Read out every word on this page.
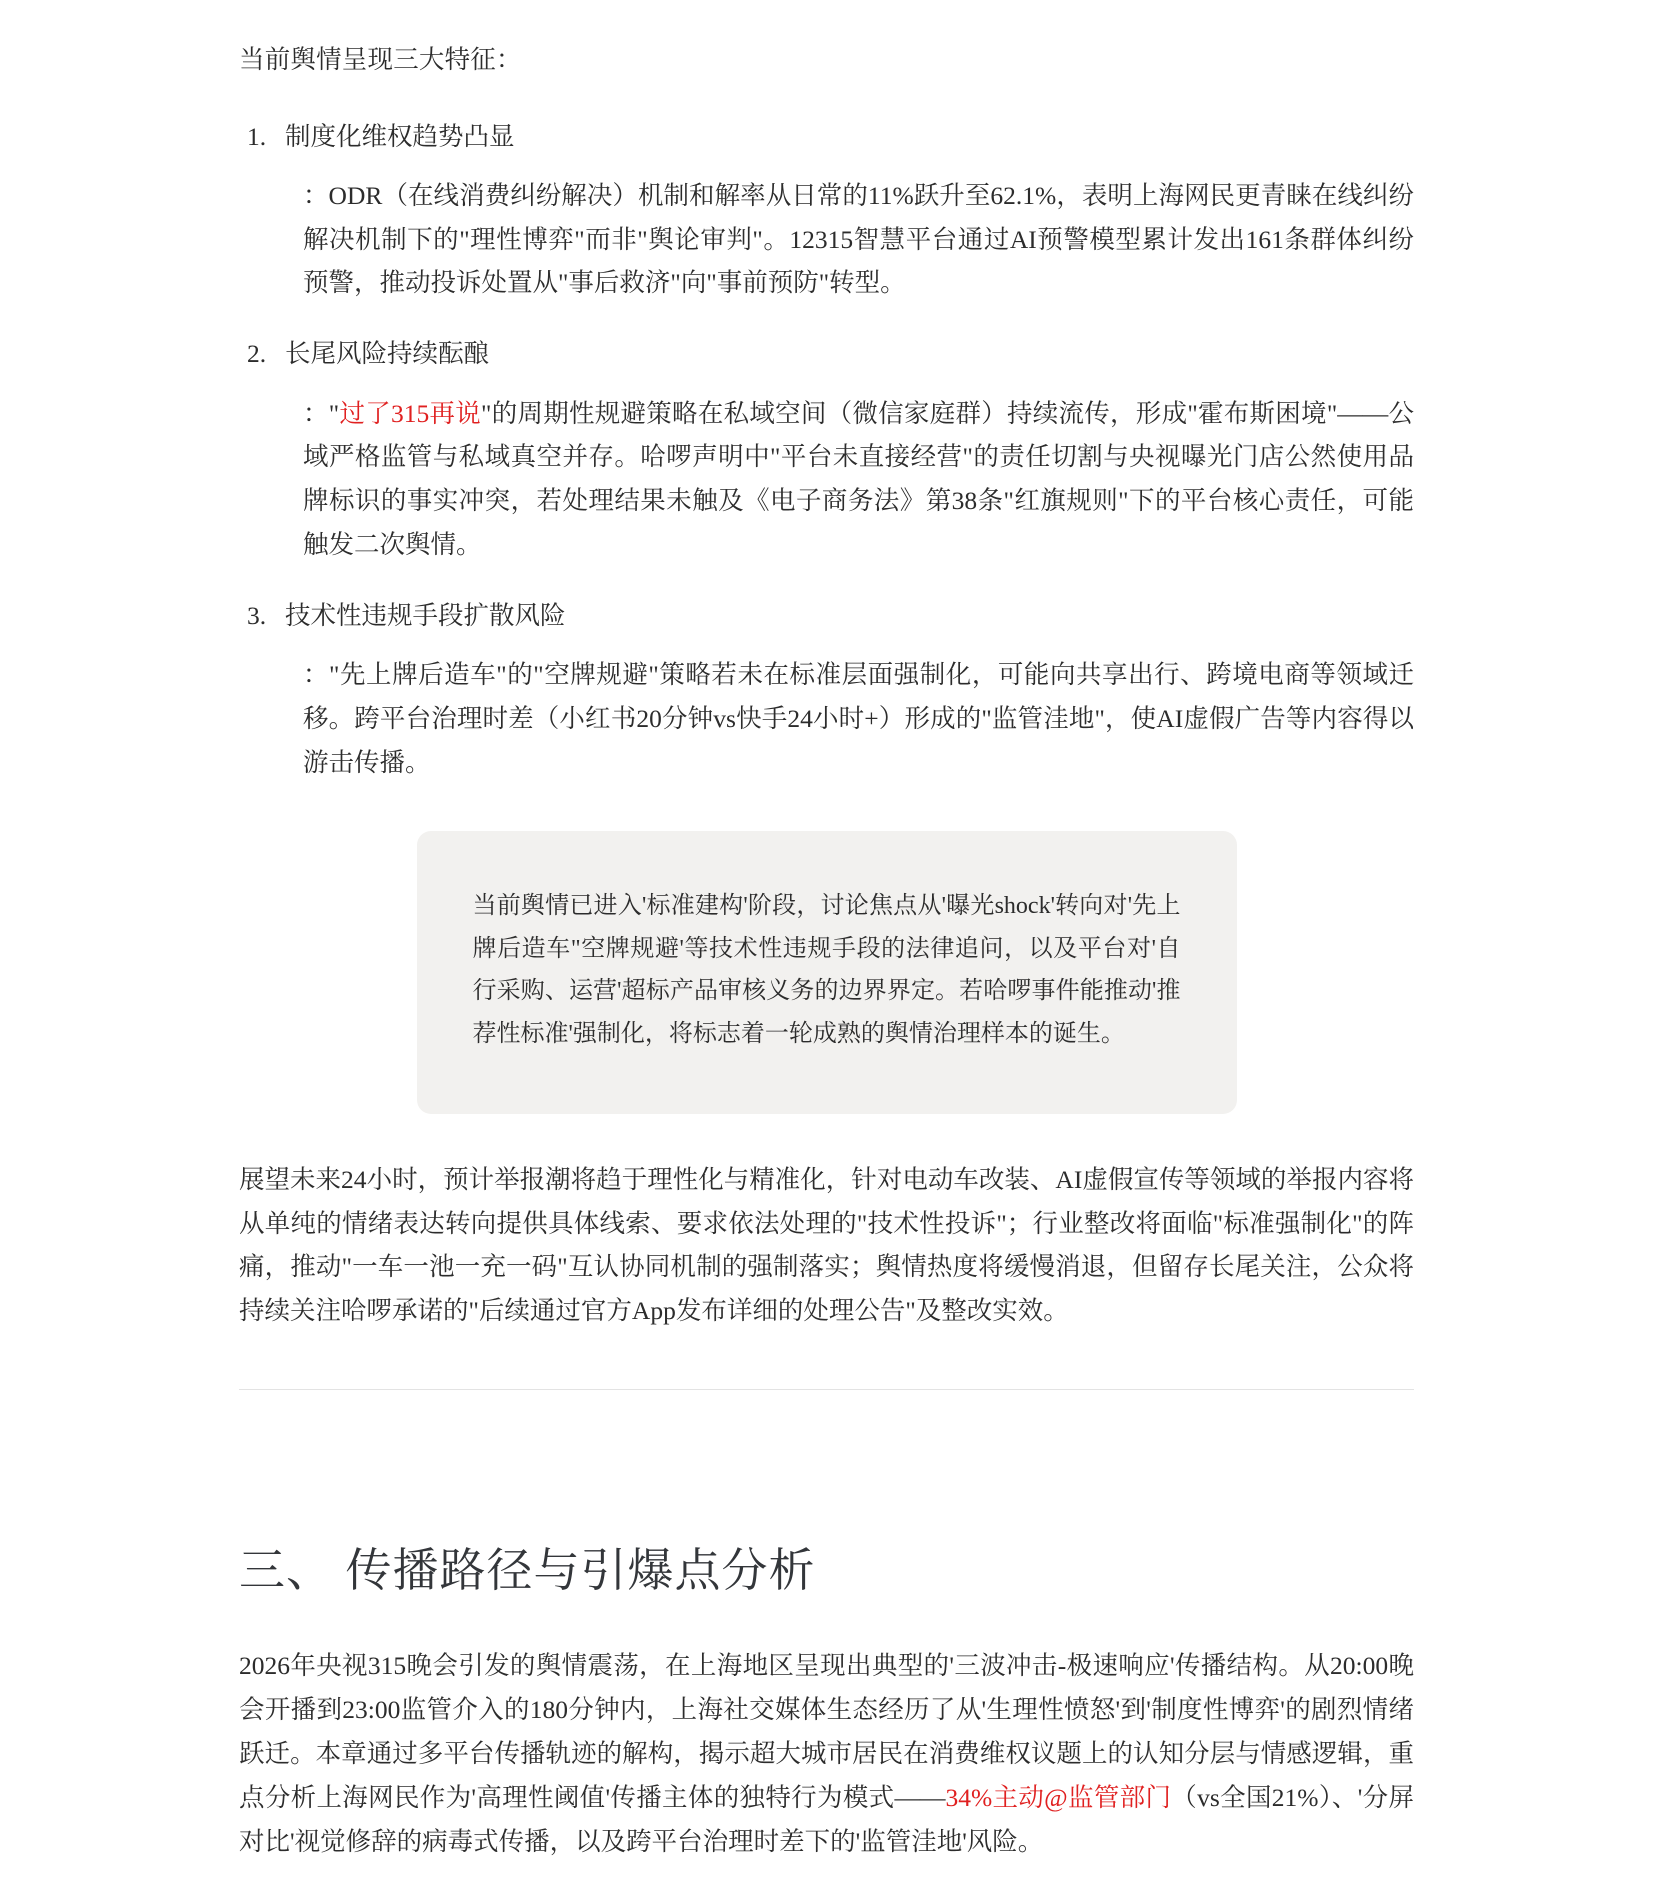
当前舆情呈现三大特征：

制度化维权趋势凸显

：ODR（在线消费纠纷解决）机制和解率从日常的11%跃升至62.1%，表明上海网民更青睐在线纠纷解决机制下的"理性博弈"而非"舆论审判"。12315智慧平台通过AI预警模型累计发出161条群体纠纷预警，推动投诉处置从"事后救济"向"事前预防"转型。

长尾风险持续酝酿

："过了315再说"的周期性规避策略在私域空间（微信家庭群）持续流传，形成"霍布斯困境"——公域严格监管与私域真空并存。哈啰声明中"平台未直接经营"的责任切割与央视曝光门店公然使用品牌标识的事实冲突，若处理结果未触及《电子商务法》第38条"红旗规则"下的平台核心责任，可能触发二次舆情。

技术性违规手段扩散风险

："先上牌后造车"的"空牌规避"策略若未在标准层面强制化，可能向共享出行、跨境电商等领域迁移。跨平台治理时差（小红书20分钟vs快手24小时+）形成的"监管洼地"，使AI虚假广告等内容得以游击传播。

当前舆情已进入'标准建构'阶段，讨论焦点从'曝光shock'转向对'先上牌后造车"空牌规避'等技术性违规手段的法律追问，以及平台对'自行采购、运营'超标产品审核义务的边界界定。若哈啰事件能推动'推荐性标准'强制化，将标志着一轮成熟的舆情治理样本的诞生。

展望未来24小时，预计举报潮将趋于理性化与精准化，针对电动车改装、AI虚假宣传等领域的举报内容将从单纯的情绪表达转向提供具体线索、要求依法处理的"技术性投诉"；行业整改将面临"标准强制化"的阵痛，推动"一车一池一充一码"互认协同机制的强制落实；舆情热度将缓慢消退，但留存长尾关注，公众将持续关注哈啰承诺的"后续通过官方App发布详细的处理公告"及整改实效。

三、 传播路径与引爆点分析

2026年央视315晚会引发的舆情震荡，在上海地区呈现出典型的'三波冲击-极速响应'传播结构。从20:00晚会开播到23:00监管介入的180分钟内，上海社交媒体生态经历了从'生理性愤怒'到'制度性博弈'的剧烈情绪跃迁。本章通过多平台传播轨迹的解构，揭示超大城市居民在消费维权议题上的认知分层与情感逻辑，重点分析上海网民作为'高理性阈值'传播主体的独特行为模式——34%主动@监管部门（vs全国21%）、'分屏对比'视觉修辞的病毒式传播，以及跨平台治理时差下的'监管洼地'风险。
